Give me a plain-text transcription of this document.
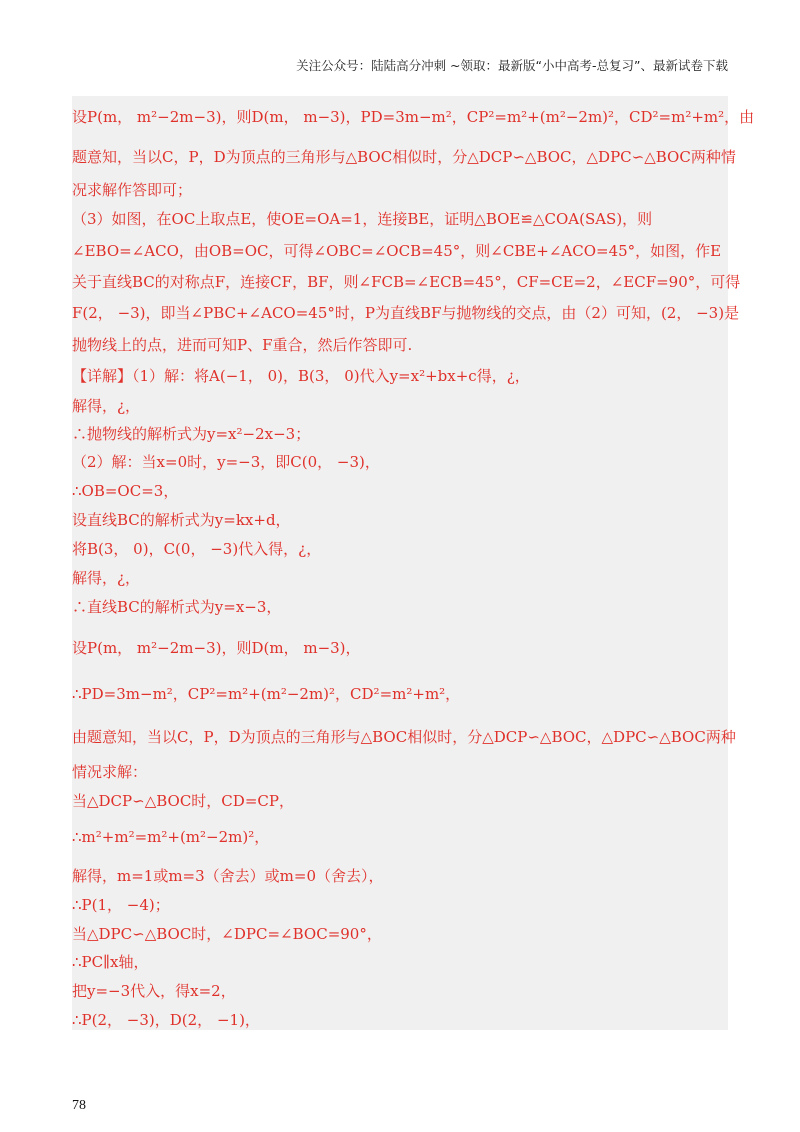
关注公众号：陆陆高分冲刺 ~领取：最新版“小中高考-总复习”、最新试卷下载
设P(m， m²−2m−3)，则D(m， m−3)，PD=3m−m²，CP²=m²+(m²−2m)²，CD²=m²+m²，由
题意知，当以C，P，D为顶点的三角形与△BOC相似时，分△DCP∽△BOC，△DPC∽△BOC两种情
况求解作答即可；
（3）如图，在OC上取点E，使OE=OA=1，连接BE，证明△BOE≌△COA(SAS)，则
∠EBO=∠ACO，由OB=OC，可得∠OBC=∠OCB=45°，则∠CBE+∠ACO=45°，如图，作E
关于直线BC的对称点F，连接CF，BF，则∠FCB=∠ECB=45°，CF=CE=2，∠ECF=90°，可得
F(2， −3)，即当∠PBC+∠ACO=45°时，P为直线BF与抛物线的交点，由（2）可知，(2， −3)是
抛物线上的点，进而可知P、F重合，然后作答即可.
【详解】（1）解：将A(−1， 0)，B(3， 0)代入y=x²+bx+c得，¿，
解得，¿，
∴抛物线的解析式为y=x²−2x−3；
（2）解：当x=0时，y=−3，即C(0， −3)，
∴OB=OC=3，
设直线BC的解析式为y=kx+d，
将B(3， 0)，C(0， −3)代入得，¿，
解得，¿，
∴直线BC的解析式为y=x−3，
设P(m， m²−2m−3)，则D(m， m−3)，
∴PD=3m−m²，CP²=m²+(m²−2m)²，CD²=m²+m²，
由题意知，当以C，P，D为顶点的三角形与△BOC相似时，分△DCP∽△BOC，△DPC∽△BOC两种
情况求解：
当△DCP∽△BOC时，CD=CP，
∴m²+m²=m²+(m²−2m)²，
解得，m=1或m=3（舍去）或m=0（舍去），
∴P(1， −4)；
当△DPC∽△BOC时，∠DPC=∠BOC=90°，
∴PC∥x轴，
把y=−3代入，得x=2，
∴P(2， −3)，D(2， −1)，
78
